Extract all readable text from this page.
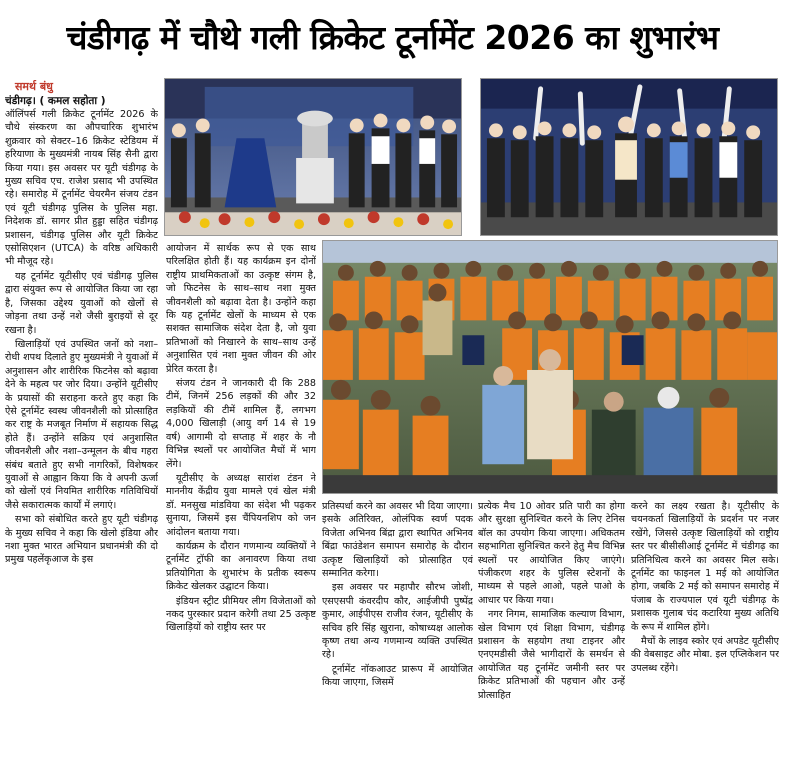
चंडीगढ़ में चौथे गली क्रिकेट टूर्नामेंट 2026 का शुभारंभ
समर्थ बंधु
चंडीगढ़। ( कमल सहोता )

ऑलिंपर्स गली क्रिकेट टूर्नामेंट 2026 के चौथे संस्करण का औपचारिक शुभारंभ शुक्रवार को सेक्टर–16 क्रिकेट स्टेडियम में हरियाणा के मुख्यमंत्री नायब सिंह सैनी द्वारा किया गया। इस अवसर पर यूटी चंडीगढ़ के मुख्य सचिव एच. राजेश प्रसाद भी उपस्थित रहे। समारोह में टूर्नामेंट चेयरमैन संजय टंडन एवं यूटी चंडीगढ़ पुलिस के पुलिस महा. निदेशक डॉ. सागर प्रीत हुड्डा सहित चंडीगढ़ प्रशासन, चंडीगढ़ पुलिस और यूटी क्रिकेट एसोसिएशन (UTCA) के वरिष्ठ अधिकारी भी मौजूद रहे।

यह टूर्नामेंट यूटीसीए एवं चंडीगढ़ पुलिस द्वारा संयुक्त रूप से आयोजित किया जा रहा है, जिसका उद्देश्य युवाओं को खेलों से जोड़ना तथा उन्हें नशे जैसी बुराइयों से दूर रखना है।

खिलाड़ियों एवं उपस्थित जनों को नशा–रोधी शपथ दिलाते हुए मुख्यमंत्री ने युवाओं में अनुशासन और शारीरिक फिटनेस को बढ़ावा देने के महत्व पर जोर दिया। उन्होंने यूटीसीए के प्रयासों की सराहना करते हुए कहा कि ऐसे टूर्नामेंट स्वस्थ जीवनशैली को प्रोत्साहित कर राष्ट्र के मजबूत निर्माण में सहायक सिद्ध होते हैं। उन्होंने सक्रिय एवं अनुशासित जीवनशैली और नशा–उन्मूलन के बीच गहरा संबंध बताते हुए सभी नागरिकों, विशेषकर युवाओं से आह्वान किया कि वे अपनी ऊर्जा को खेलों एवं नियमित शारीरिक गतिविधियों जैसे सकारात्मक कार्यों में लगाएं।

सभा को संबोधित करते हुए यूटी चंडीगढ़ के मुख्य सचिव ने कहा कि खेलो इंडिया और नशा मुक्त भारत अभियान प्रधानमंत्री की दो प्रमुख पहलेंकृआज के इस

आयोजन में सार्थक रूप से एक साथ परिलक्षित होती हैं। यह कार्यक्रम इन दोनों राष्ट्रीय प्राथमिकताओं का उत्कृष्ट संगम है, जो फिटनेस के साथ–साथ नशा मुक्त जीवनशैली को बढ़ावा देता है। उन्होंने कहा कि यह टूर्नामेंट खेलों के माध्यम से एक सशक्त सामाजिक संदेश देता है, जो युवा प्रतिभाओं को निखारने के साथ–साथ उन्हें अनुशासित एवं नशा मुक्त जीवन की ओर प्रेरित करता है।

संजय टंडन ने जानकारी दी कि 288 टीमें, जिनमें 256 लड़कों की और 32 लड़कियों की टीमें शामिल हैं, लगभग 4,000 खिलाड़ी (आयु वर्ग 14 से 19 वर्ष) आगामी दो सप्ताह में शहर के नौ विभिन्न स्थलों पर आयोजित मैचों में भाग लेंगे।

यूटीसीए के अध्यक्ष सारांश टंडन ने माननीय केंद्रीय युवा मामले एवं खेल मंत्री डॉ. मनसुख मांडविया का संदेश भी पढ़कर सुनाया, जिसमें इस चैंपियनशिप को जन आंदोलन बताया गया।

कार्यक्रम के दौरान गणमान्य व्यक्तियों ने टूर्नामेंट ट्रॉफी का अनावरण किया तथा प्रतियोगिता के शुभारंभ के प्रतीक स्वरूप क्रिकेट खेलकर उद्घाटन किया।

इंडियन स्ट्रीट प्रीमियर लीग विजेताओं को नकद पुरस्कार प्रदान करेगी तथा 25 उत्कृष्ट खिलाड़ियों को राष्ट्रीय स्तर पर

प्रतिस्पर्धा करने का अवसर भी दिया जाएगा। इसके अतिरिक्त, ओलंपिक स्वर्ण पदक विजेता अभिनव बिंद्रा द्वारा स्थापित अभिनव बिंद्रा फाउंडेशन समापन समारोह के दौरान उत्कृष्ट खिलाड़ियों को प्रोत्साहित एवं सम्मानित करेगा।

इस अवसर पर महापौर सौरभ जोशी, एसएसपी कंवरदीप कौर, आईजीपी पुष्पेंद्र कुमार, आईपीएस राजीव रंजन, यूटीसीए के सचिव हरि सिंह खुराना, कोषाध्यक्ष आलोक कृष्ण तथा अन्य गणमान्य व्यक्ति उपस्थित रहे।

टूर्नामेंट नॉकआउट प्रारूप में आयोजित किया जाएगा, जिसमें

प्रत्येक मैच 10 ओवर प्रति पारी का होगा और सुरक्षा सुनिश्चित करने के लिए टेनिस बॉल का उपयोग किया जाएगा। अधिकतम सहभागिता सुनिश्चित करने हेतु मैच विभिन्न स्थलों पर आयोजित किए जाएंगे। पंजीकरण शहर के पुलिस स्टेशनों के माध्यम से पहले आओ, पहले पाओ के आधार पर किया गया।

नगर निगम, सामाजिक कल्याण विभाग, खेल विभाग एवं शिक्षा विभाग, चंडीगढ़ प्रशासन के सहयोग तथा टाइनर और एनएमडीसी जैसे भागीदारों के समर्थन से आयोजित यह टूर्नामेंट जमीनी स्तर पर क्रिकेट प्रतिभाओं की पहचान और उन्हें प्रोत्साहित

करने का लक्ष्य रखता है। यूटीसीए के चयनकर्ता खिलाड़ियों के प्रदर्शन पर नजर रखेंगे, जिससे उत्कृष्ट खिलाड़ियों को राष्ट्रीय स्तर पर बीसीसीआई टूर्नामेंट में चंडीगढ़ का प्रतिनिधित्व करने का अवसर मिल सके। टूर्नामेंट का फाइनल 1 मई को आयोजित होगा, जबकि 2 मई को समापन समारोह में पंजाब के राज्यपाल एवं यूटी चंडीगढ़ के प्रशासक गुलाब चंद कटारिया मुख्य अतिथि के रूप में शामिल होंगे।

मैचों के लाइव स्कोर एवं अपडेट यूटीसीए की वेबसाइट और मोबा. इल एप्लिकेशन पर उपलब्ध रहेंगे।
